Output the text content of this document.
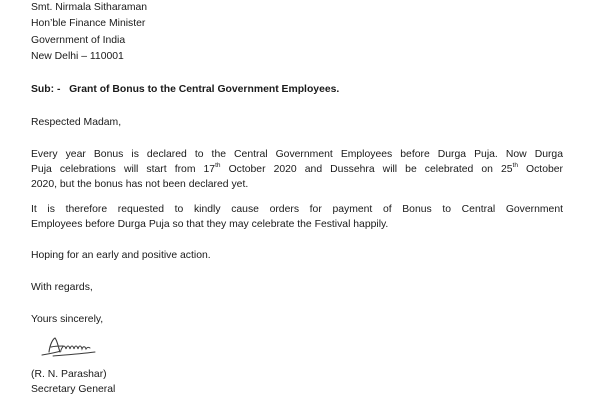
Smt. Nirmala Sitharaman
Hon’ble Finance Minister
Government of India
New Delhi – 110001
Sub: -   Grant of Bonus to the Central Government Employees.
Respected Madam,
Every year Bonus is declared to the Central Government Employees before Durga Puja. Now Durga
Puja celebrations will start from 17th October 2020 and Dussehra will be celebrated on 25th October
2020, but the bonus has not been declared yet.
It is therefore requested to kindly cause orders for payment of Bonus to Central Government
Employees before Durga Puja so that they may celebrate the Festival happily.
Hoping for an early and positive action.
With regards,
Yours sincerely,
(R. N. Parashar)
Secretary General
